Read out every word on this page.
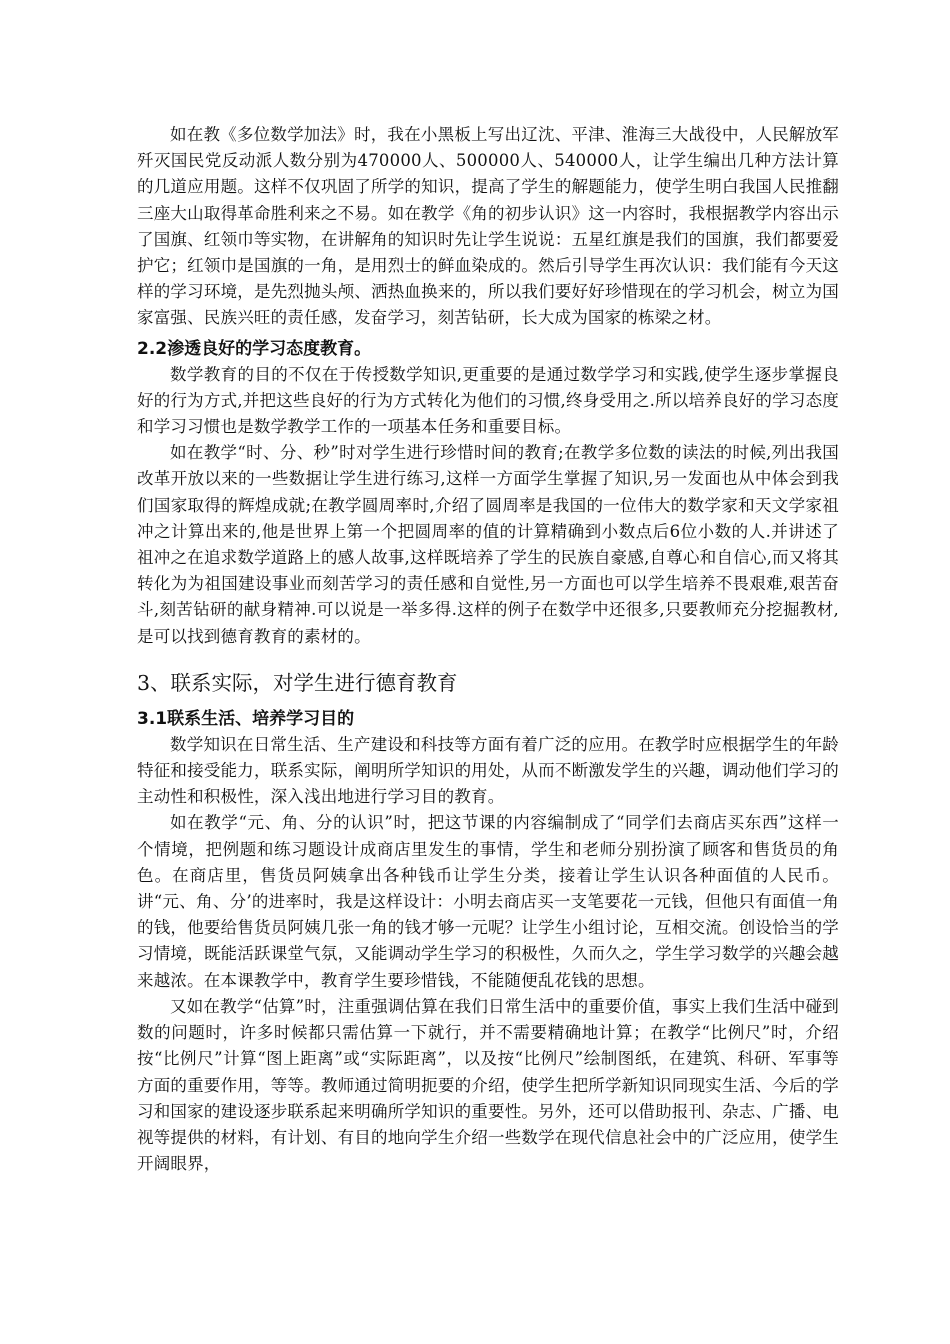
如在教《多位数学加法》时，我在小黑板上写出辽沈、平津、淮海三大战役中，人民解放军歼灭国民党反动派人数分别为470000人、500000人、540000人，让学生编出几种方法计算的几道应用题。这样不仅巩固了所学的知识，提高了学生的解题能力，使学生明白我国人民推翻三座大山取得革命胜利来之不易。如在教学《角的初步认识》这一内容时，我根据教学内容出示了国旗、红领巾等实物，在讲解角的知识时先让学生说说：五星红旗是我们的国旗，我们都要爱护它；红领巾是国旗的一角，是用烈士的鲜血染成的。然后引导学生再次认识：我们能有今天这样的学习环境，是先烈抛头颅、洒热血换来的，所以我们要好好珍惜现在的学习机会，树立为国家富强、民族兴旺的责任感，发奋学习，刻苦钻研，长大成为国家的栋梁之材。

2.2渗透良好的学习态度教育。

数学教育的目的不仅在于传授数学知识,更重要的是通过数学学习和实践,使学生逐步掌握良好的行为方式,并把这些良好的行为方式转化为他们的习惯,终身受用之.所以培养良好的学习态度和学习习惯也是数学教学工作的一项基本任务和重要目标。

如在教学“时、分、秒”时对学生进行珍惜时间的教育;在教学多位数的读法的时候,列出我国改革开放以来的一些数据让学生进行练习,这样一方面学生掌握了知识,另一发面也从中体会到我们国家取得的辉煌成就;在教学圆周率时,介绍了圆周率是我国的一位伟大的数学家和天文学家祖冲之计算出来的,他是世界上第一个把圆周率的值的计算精确到小数点后6位小数的人.并讲述了祖冲之在追求数学道路上的感人故事,这样既培养了学生的民族自豪感,自尊心和自信心,而又将其转化为为祖国建设事业而刻苦学习的责任感和自觉性,另一方面也可以学生培养不畏艰难,艰苦奋斗,刻苦钻研的献身精神.可以说是一举多得.这样的例子在数学中还很多,只要教师充分挖掘教材,是可以找到德育教育的素材的。

3、联系实际，对学生进行德育教育
3.1联系生活、培养学习目的

数学知识在日常生活、生产建设和科技等方面有着广泛的应用。在教学时应根据学生的年龄特征和接受能力，联系实际，阐明所学知识的用处，从而不断激发学生的兴趣，调动他们学习的主动性和积极性，深入浅出地进行学习目的教育。

如在教学“元、角、分的认识”时，把这节课的内容编制成了“同学们去商店买东西”这样一个情境，把例题和练习题设计成商店里发生的事情，学生和老师分别扮演了顾客和售货员的角色。在商店里，售货员阿姨拿出各种钱币让学生分类，接着让学生认识各种面值的人民币。讲“元、角、分’的进率时，我是这样设计：小明去商店买一支笔要花一元钱，但他只有面值一角的钱，他要给售货员阿姨几张一角的钱才够一元呢？让学生小组讨论，互相交流。创设恰当的学习情境，既能活跃课堂气氛，又能调动学生学习的积极性，久而久之，学生学习数学的兴趣会越来越浓。在本课教学中，教育学生要珍惜钱，不能随便乱花钱的思想。

又如在教学“估算”时，注重强调估算在我们日常生活中的重要价值，事实上我们生活中碰到数的问题时，许多时候都只需估算一下就行，并不需要精确地计算；在教学“比例尺”时，介绍按“比例尺”计算“图上距离”或“实际距离”，以及按“比例尺”绘制图纸，在建筑、科研、军事等方面的重要作用，等等。教师通过简明扼要的介绍，使学生把所学新知识同现实生活、今后的学习和国家的建设逐步联系起来明确所学知识的重要性。另外，还可以借助报刊、杂志、广播、电视等提供的材料，有计划、有目的地向学生介绍一些数学在现代信息社会中的广泛应用，使学生开阔眼界，
